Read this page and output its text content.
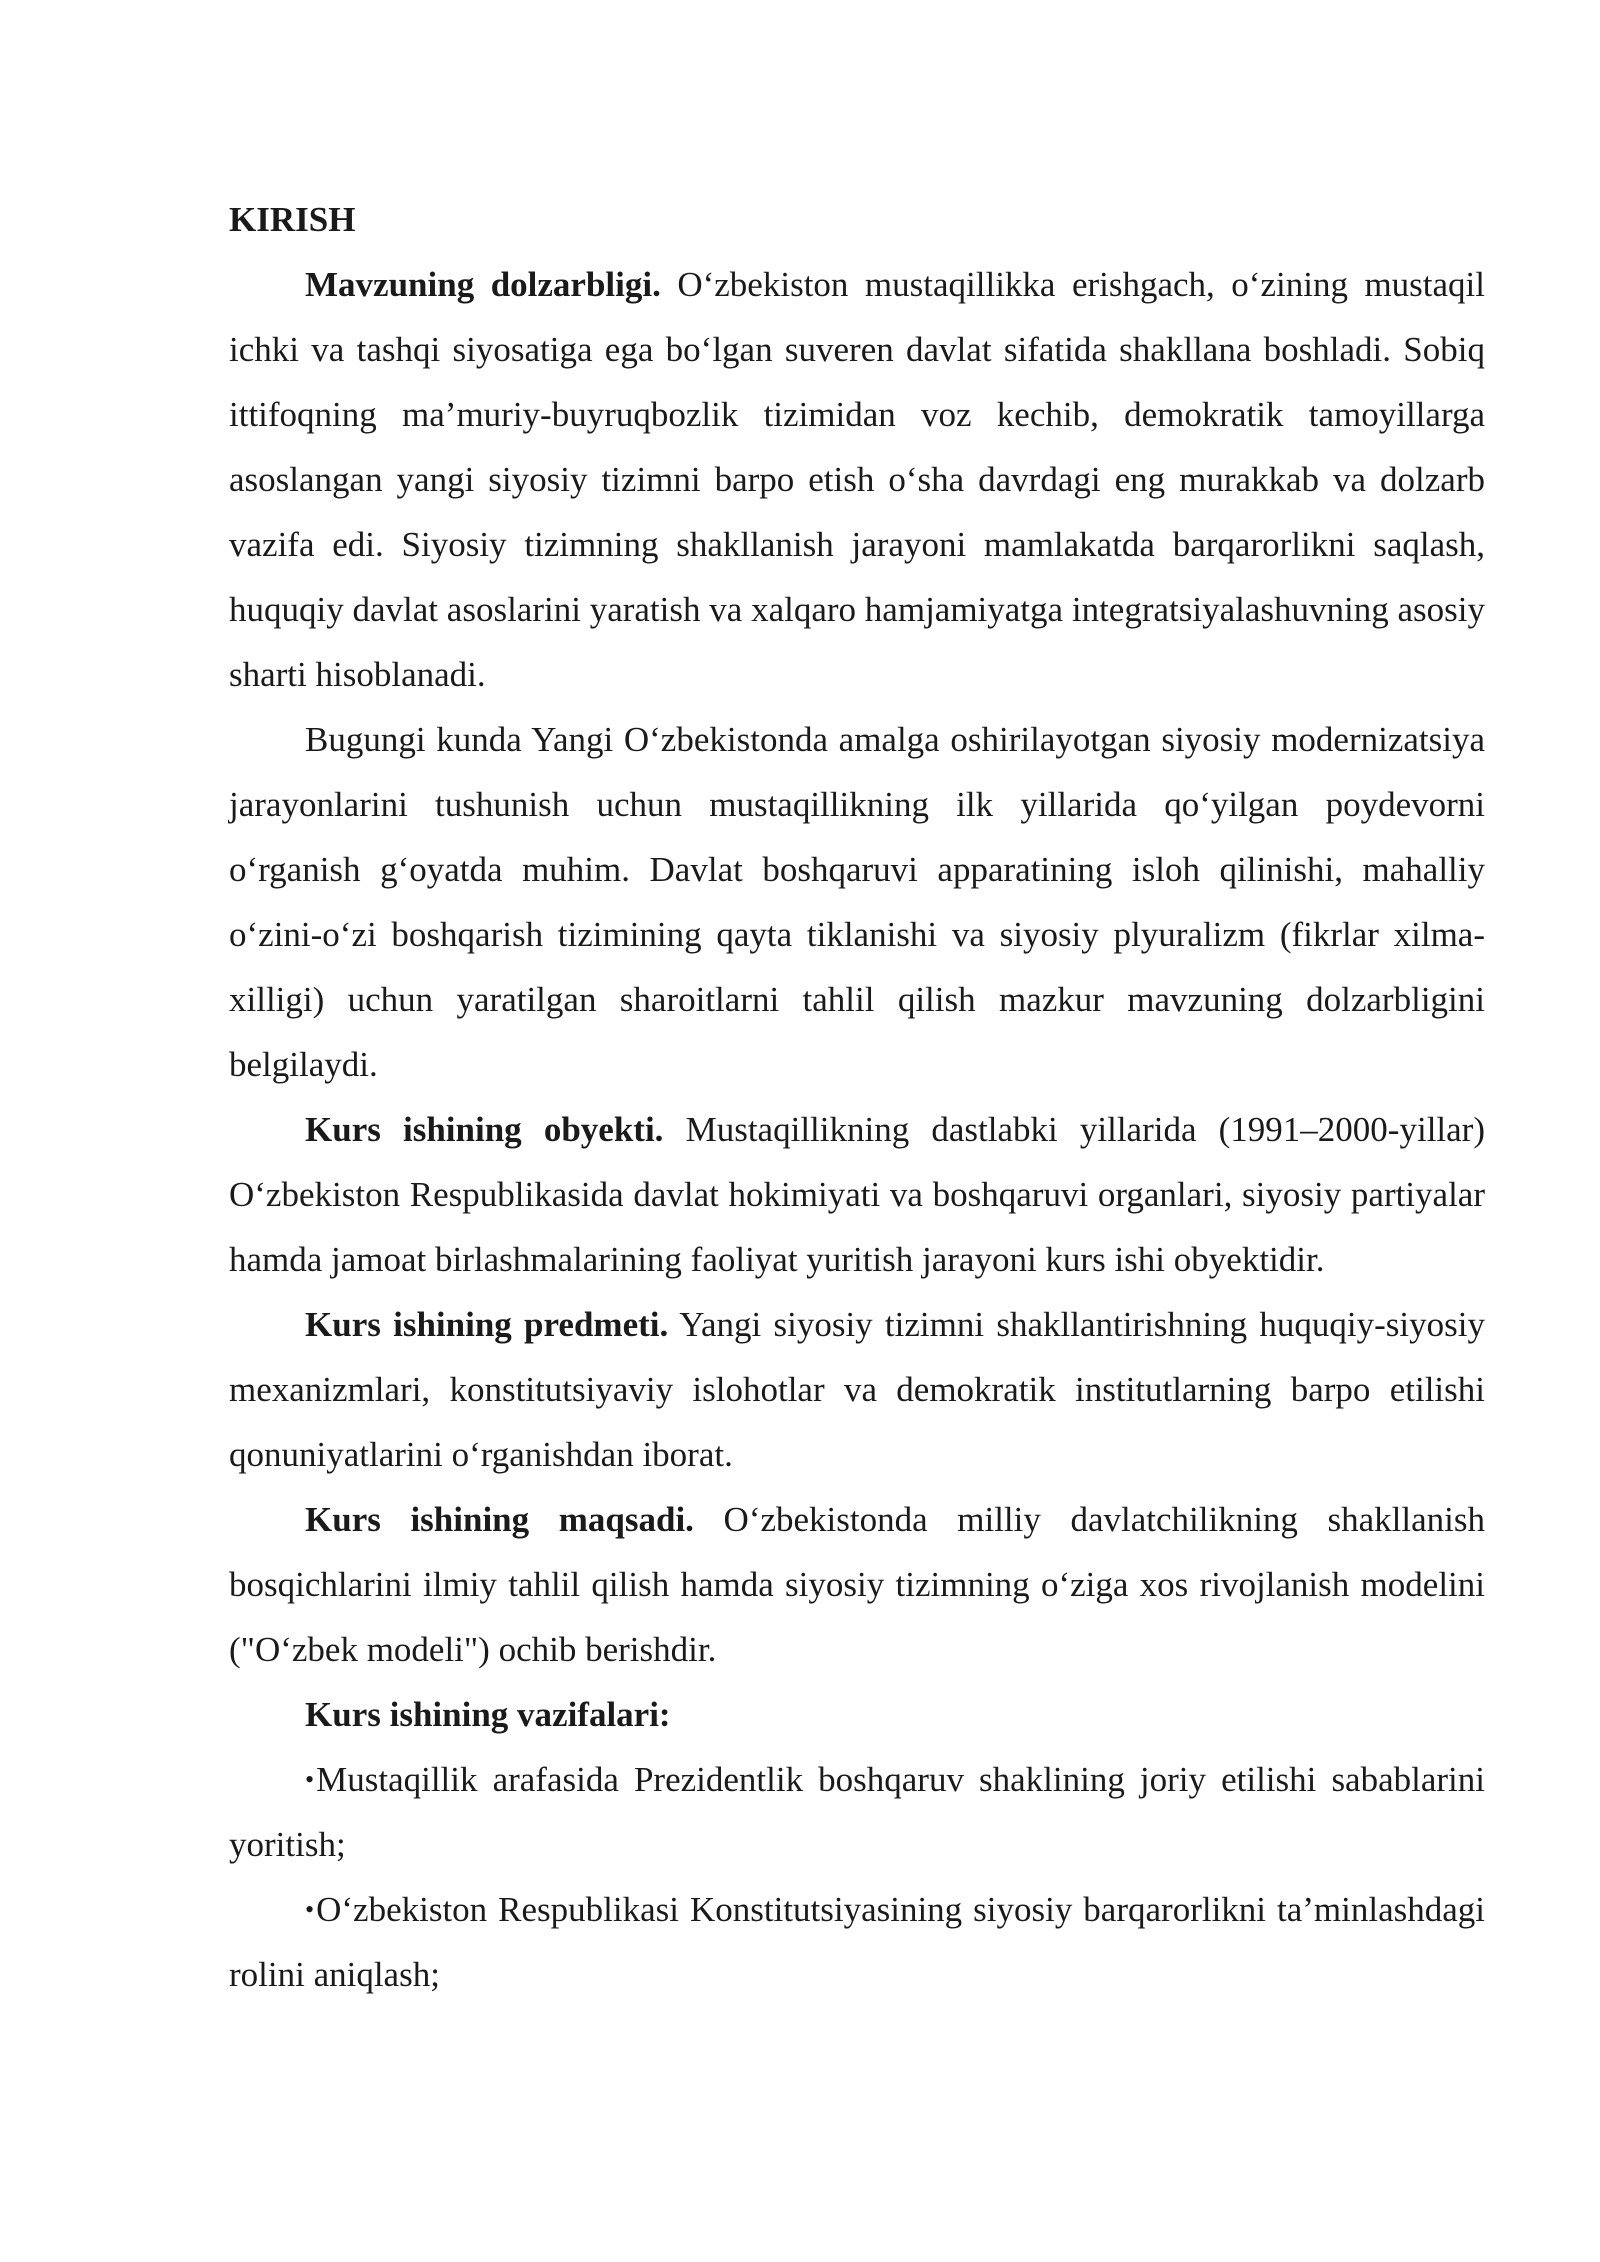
KIRISH

Mavzuning dolzarbligi. O‘zbekiston mustaqillikka erishgach, o‘zining mustaqil ichki va tashqi siyosatiga ega bo‘lgan suveren davlat sifatida shakllana boshladi. Sobiq ittifoqning ma’muriy-buyruqbozlik tizimidan voz kechib, demokratik tamoyillarga asoslangan yangi siyosiy tizimni barpo etish o‘sha davrdagi eng murakkab va dolzarb vazifa edi. Siyosiy tizimning shakllanish jarayoni mamlakatda barqarorlikni saqlash, huquqiy davlat asoslarini yaratish va xalqaro hamjamiyatga integratsiyalashuvning asosiy sharti hisoblanadi.

Bugungi kunda Yangi O‘zbekistonda amalga oshirilayotgan siyosiy modernizatsiya jarayonlarini tushunish uchun mustaqillikning ilk yillarida qo‘yilgan poydevorni o‘rganish g‘oyatda muhim. Davlat boshqaruvi apparatining isloh qilinishi, mahalliy o‘zini-o‘zi boshqarish tizimining qayta tiklanishi va siyosiy plyuralizm (fikrlar xilma-xilligi) uchun yaratilgan sharoitlarni tahlil qilish mazkur mavzuning dolzarbligini belgilaydi.

Kurs ishining obyekti. Mustaqillikning dastlabki yillarida (1991–2000-yillar) O‘zbekiston Respublikasida davlat hokimiyati va boshqaruvi organlari, siyosiy partiyalar hamda jamoat birlashmalarining faoliyat yuritish jarayoni kurs ishi obyektidir.

Kurs ishining predmeti. Yangi siyosiy tizimni shakllantirishning huquqiy-siyosiy mexanizmlari, konstitutsiyaviy islohotlar va demokratik institutlarning barpo etilishi qonuniyatlarini o‘rganishdan iborat.

Kurs ishining maqsadi. O‘zbekistonda milliy davlatchilikning shakllanish bosqichlarini ilmiy tahlil qilish hamda siyosiy tizimning o‘ziga xos rivojlanish modelini ("O‘zbek modeli") ochib berishdir.

Kurs ishining vazifalari:

•Mustaqillik arafasida Prezidentlik boshqaruv shaklining joriy etilishi sabablarini yoritish;

•O‘zbekiston Respublikasi Konstitutsiyasining siyosiy barqarorlikni ta’minlashdagi rolini aniqlash;
